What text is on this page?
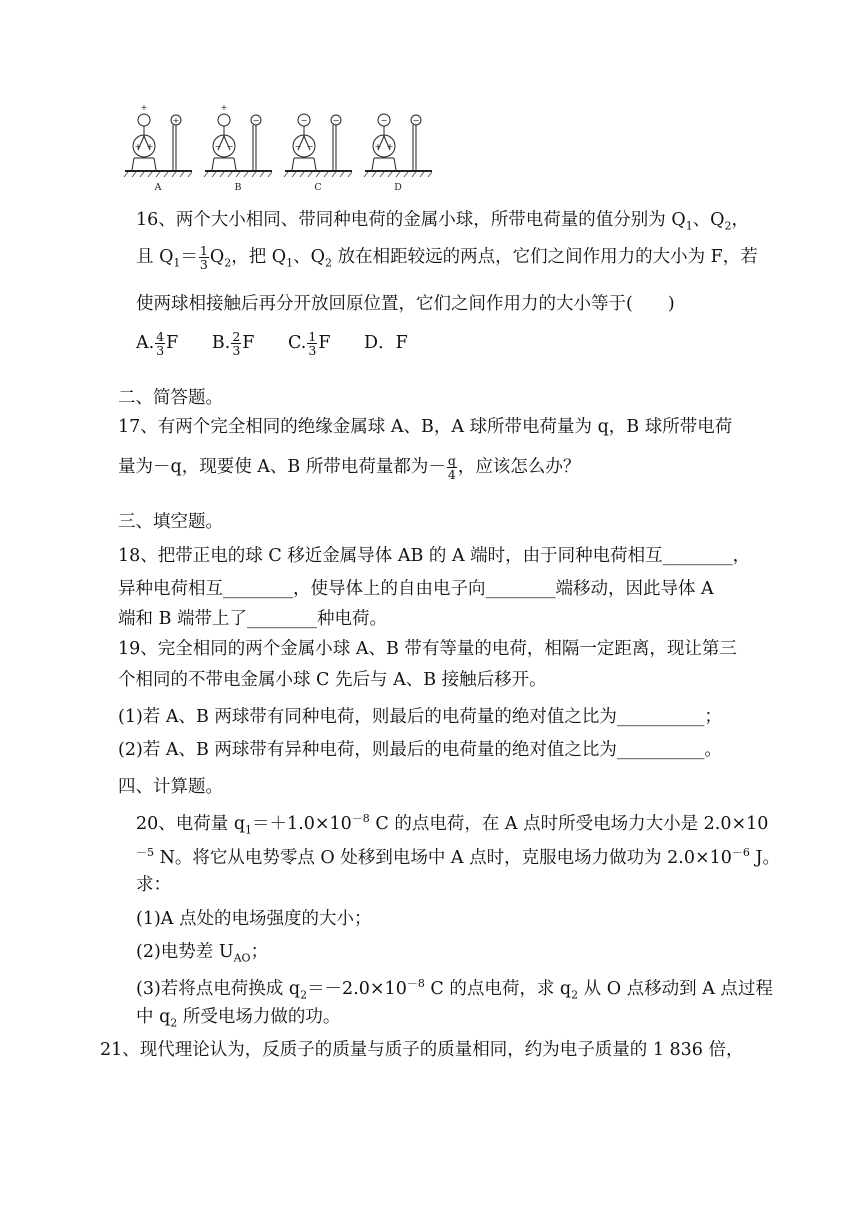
+
+ +
+
+
− −
−	−
− −
−	−
+ +
−
A	B	C	D
16、两个大小相同、带同种电荷的金属小球，所带电荷量的值分别为 $Q_1$、$Q_2$，
且 $Q_1= \frac{1}{3} Q_2$，把 $Q_1$、$Q_2$ 放在相距较远的两点，它们之间作用力的大小为 F，若
使两球相接触后再分开放回原位置，它们之间作用力的大小等于(　　)
A. $\frac{4}{3}$ F B. $\frac{2}{3}$ F C. $\frac{1}{3}$ F D．F
二、简答题。
17、有两个完全相同的绝缘金属球 A、B，A 球所带电荷量为 q，B 球所带电荷
量为－q，现要使 A、B 所带电荷量都为－ $\frac{q}{4}$ ，应该怎么办？
三、填空题。
18、把带正电的球 C 移近金属导体 AB 的 A 端时，由于同种电荷相互________，
异种电荷相互________，使导体上的自由电子向________端移动，因此导体 A
端和 B 端带上了________种电荷。
19、完全相同的两个金属小球 A、B 带有等量的电荷，相隔一定距离，现让第三
个相同的不带电金属小球 C 先后与 A、B 接触后移开。
(1)若 A、B 两球带有同种电荷，则最后的电荷量的绝对值之比为__________；
(2)若 A、B 两球带有异种电荷，则最后的电荷量的绝对值之比为__________。
四、计算题。
20、电荷量 $q_1=+1.0\times 10^{-8}$ C 的点电荷，在 A 点时所受电场力大小是 2.0×10
$^{-5}$ N。将它从电势零点 O 处移到电场中 A 点时，克服电场力做功为 $2.0\times 10^{-6}$ J。
求：
(1)A 点处的电场强度的大小；
(2)电势差 $U_{AO}$；
(3)若将点电荷换成 $q_2=-2.0\times 10^{-8}$ C 的点电荷，求 $q_2$ 从 O 点移动到 A 点过程
中 $q_2$ 所受电场力做的功。
21、现代理论认为，反质子的质量与质子的质量相同，约为电子质量的 1 836 倍，
